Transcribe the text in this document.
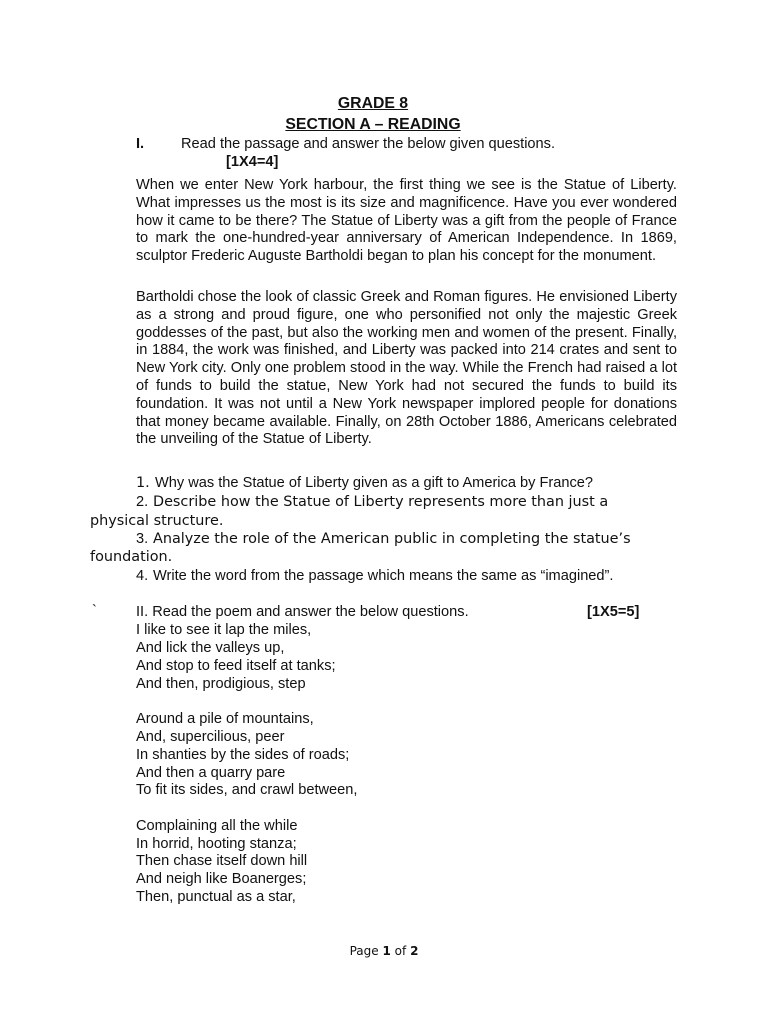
GRADE 8
SECTION A – READING
I.	Read the passage and answer the below given questions.
[1X4=4]
When we enter New York harbour, the first thing we see is the Statue of Liberty. What impresses us the most is its size and magnificence. Have you ever wondered how it came to be there? The Statue of Liberty was a gift from the people of France to mark the one-hundred-year anniversary of American Independence. In 1869, sculptor Frederic Auguste Bartholdi began to plan his concept for the monument.
Bartholdi chose the look of classic Greek and Roman figures. He envisioned Liberty as a strong and proud figure, one who personified not only the majestic Greek goddesses of the past, but also the working men and women of the present. Finally, in 1884, the work was finished, and Liberty was packed into 214 crates and sent to New York city. Only one problem stood in the way. While the French had raised a lot of funds to build the statue, New York had not secured the funds to build its foundation. It was not until a New York newspaper implored people for donations that money became available. Finally, on 28th October 1886, Americans celebrated the unveiling of the Statue of Liberty.
1. Why was the Statue of Liberty given as a gift to America by France?
2. Describe how the Statue of Liberty represents more than just a
physical structure.
3. Analyze the role of the American public in completing the statue’s
foundation.
4. Write the word from the passage which means the same as “imagined”.
`	II. Read the poem and answer the below questions.	[1X5=5]
I like to see it lap the miles,
And lick the valleys up,
And stop to feed itself at tanks;
And then, prodigious, step
Around a pile of mountains,
And, supercilious, peer
In shanties by the sides of roads;
And then a quarry pare
To fit its sides, and crawl between,
Complaining all the while
In horrid, hooting stanza;
Then chase itself down hill
And neigh like Boanerges;
Then, punctual as a star,
Page 1 of 2
